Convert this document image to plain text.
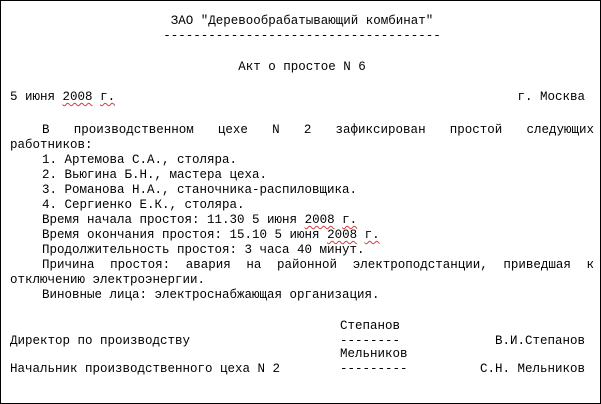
ЗАО "Деревообрабатывающий комбинат"
-------------------------------------
Акт о простое N 6
5 июня 2008 г.	г. Москва
В производственном цехе N 2 зафиксирован простой следующих
работников:
1. Артемова С.А., столяра.
2. Вьюгина Б.Н., мастера цеха.
3. Романова Н.А., станочника-распиловщика.
4. Сергиенко Е.К., столяра.
Время начала простоя: 11.30 5 июня 2008 г.
Время окончания простоя: 15.10 5 июня 2008 г.
Продолжительность простоя: 3 часа 40 минут.
Причина простоя: авария на районной электроподстанции, приведшая к
отключению электроэнергии.
Виновные лица: электроснабжающая организация.
Степанов
Директор по производству	--------	В.И.Степанов
Мельников
Начальник производственного цеха N 2	---------	С.Н. Мельников
